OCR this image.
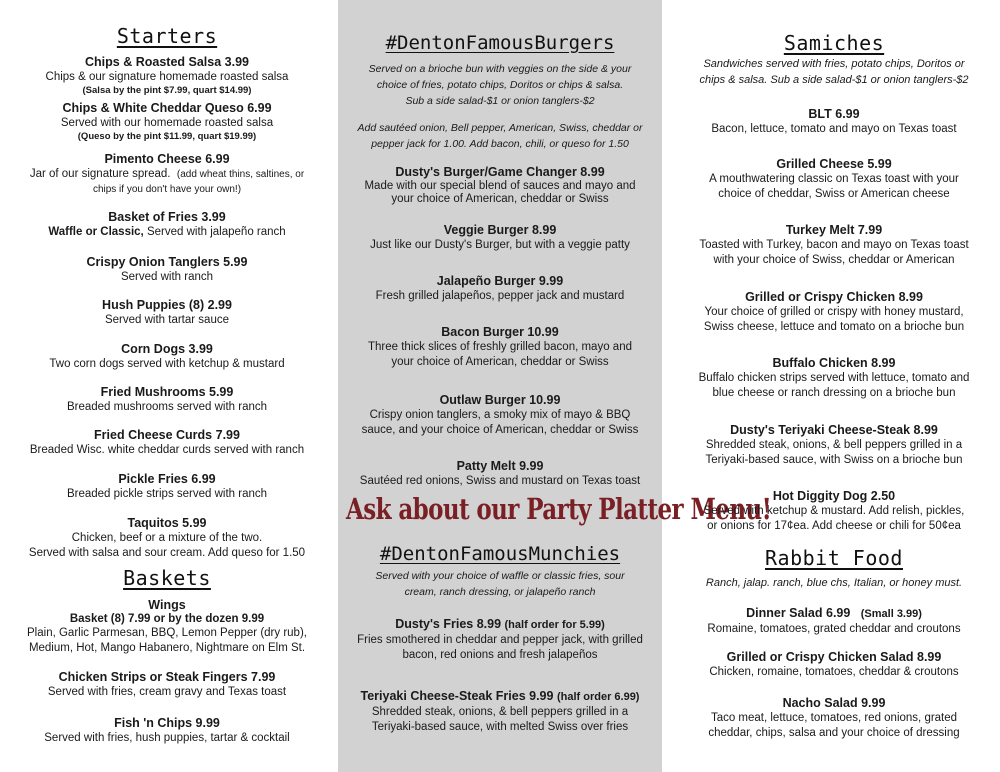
Starters
Chips & Roasted Salsa 3.99
Chips & our signature homemade roasted salsa
(Salsa by the pint $7.99, quart $14.99)
Chips & White Cheddar Queso 6.99
Served with our homemade roasted salsa
(Queso by the pint $11.99, quart $19.99)
Pimento Cheese 6.99
Jar of our signature spread. (add wheat thins, saltines, or chips if you don't have your own!)
Basket of Fries 3.99
Waffle or Classic, Served with jalapeño ranch
Crispy Onion Tanglers 5.99
Served with ranch
Hush Puppies (8) 2.99
Served with tartar sauce
Corn Dogs 3.99
Two corn dogs served with ketchup & mustard
Fried Mushrooms 5.99
Breaded mushrooms served with ranch
Fried Cheese Curds 7.99
Breaded Wisc. white cheddar curds served with ranch
Pickle Fries 6.99
Breaded pickle strips served with ranch
Taquitos 5.99
Chicken, beef or a mixture of the two.
Served with salsa and sour cream. Add queso for 1.50
Baskets
Wings
Basket (8) 7.99 or by the dozen 9.99
Plain, Garlic Parmesan, BBQ, Lemon Pepper (dry rub),
Medium, Hot, Mango Habanero, Nightmare on Elm St.
Chicken Strips or Steak Fingers 7.99
Served with fries, cream gravy and Texas toast
Fish 'n Chips 9.99
Served with fries, hush puppies, tartar & cocktail
#DentonFamousBurgers
Served on a brioche bun with veggies on the side & your
choice of fries, potato chips, Doritos or chips & salsa.
Sub a side salad-$1 or onion tanglers-$2
Add sautéed onion, Bell pepper, American, Swiss, cheddar or
pepper jack for 1.00. Add bacon, chili, or queso for 1.50
Dusty's Burger/Game Changer 8.99
Made with our special blend of sauces and mayo and
your choice of American, cheddar or Swiss
Veggie Burger 8.99
Just like our Dusty's Burger, but with a veggie patty
Jalapeño Burger 9.99
Fresh grilled jalapeños, pepper jack and mustard
Bacon Burger 10.99
Three thick slices of freshly grilled bacon, mayo and
your choice of American, cheddar or Swiss
Outlaw Burger 10.99
Crispy onion tanglers, a smoky mix of mayo & BBQ
sauce, and your choice of American, cheddar or Swiss
Patty Melt 9.99
Sautéed red onions, Swiss and mustard on Texas toast
#DentonFamousMunchies
Served with your choice of waffle or classic fries, sour
cream, ranch dressing, or jalapeño ranch
Dusty's Fries 8.99 (half order for 5.99)
Fries smothered in cheddar and pepper jack, with grilled
bacon, red onions and fresh jalapeños
Teriyaki Cheese-Steak Fries 9.99 (half order 6.99)
Shredded steak, onions, & bell peppers grilled in a
Teriyaki-based sauce, with melted Swiss over fries
Ask about our Party Platter Menu!
Samiches
Sandwiches served with fries, potato chips, Doritos or
chips & salsa. Sub a side salad-$1 or onion tanglers-$2
BLT 6.99
Bacon, lettuce, tomato and mayo on Texas toast
Grilled Cheese 5.99
A mouthwatering classic on Texas toast with your
choice of cheddar, Swiss or American cheese
Turkey Melt 7.99
Toasted with Turkey, bacon and mayo on Texas toast
with your choice of Swiss, cheddar or American
Grilled or Crispy Chicken 8.99
Your choice of grilled or crispy with honey mustard,
Swiss cheese, lettuce and tomato on a brioche bun
Buffalo Chicken 8.99
Buffalo chicken strips served with lettuce, tomato and
blue cheese or ranch dressing on a brioche bun
Dusty's Teriyaki Cheese-Steak 8.99
Shredded steak, onions, & bell peppers grilled in a
Teriyaki-based sauce, with Swiss on a brioche bun
Hot Diggity Dog 2.50
Served with ketchup & mustard. Add relish, pickles,
or onions for 17¢ea. Add cheese or chili for 50¢ea
Rabbit Food
Ranch, jalap. ranch, blue chs, Italian, or honey must.
Dinner Salad 6.99 (Small 3.99)
Romaine, tomatoes, grated cheddar and croutons
Grilled or Crispy Chicken Salad 8.99
Chicken, romaine, tomatoes, cheddar & croutons
Nacho Salad 9.99
Taco meat, lettuce, tomatoes, red onions, grated
cheddar, chips, salsa and your choice of dressing
